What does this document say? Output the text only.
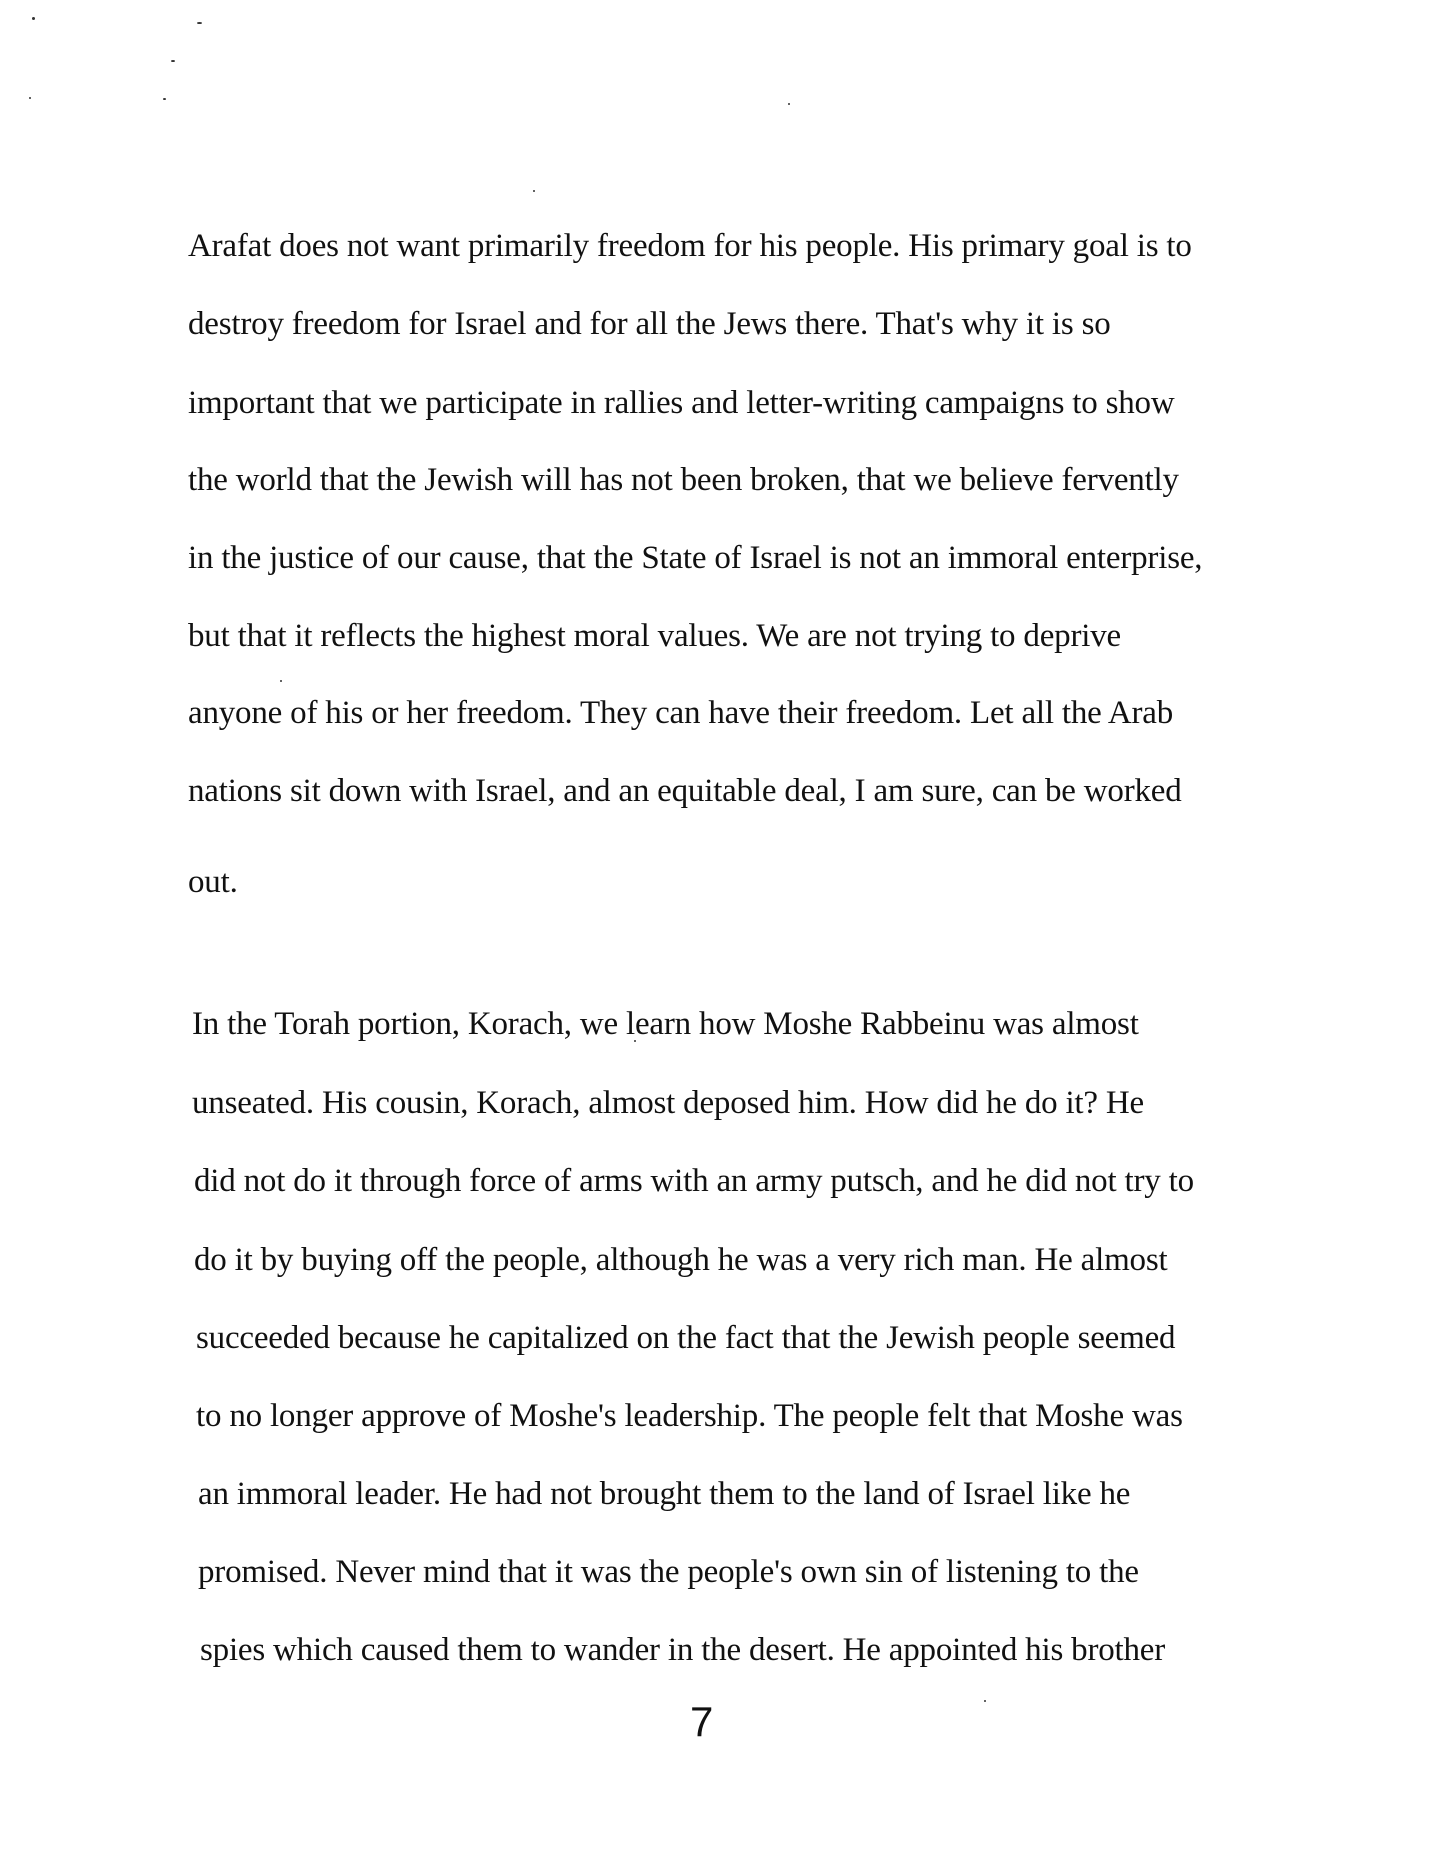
Arafat does not want primarily freedom for his people. His primary goal is to
destroy freedom for Israel and for all the Jews there. That's why it is so
important that we participate in rallies and letter-writing campaigns to show
the world that the Jewish will has not been broken, that we believe fervently
in the justice of our cause, that the State of Israel is not an immoral enterprise,
but that it reflects the highest moral values. We are not trying to deprive
anyone of his or her freedom. They can have their freedom. Let all the Arab
nations sit down with Israel, and an equitable deal, I am sure, can be worked
out.
In the Torah portion, Korach, we learn how Moshe Rabbeinu was almost
unseated. His cousin, Korach, almost deposed him. How did he do it? He
did not do it through force of arms with an army putsch, and he did not try to
do it by buying off the people, although he was a very rich man. He almost
succeeded because he capitalized on the fact that the Jewish people seemed
to no longer approve of Moshe's leadership. The people felt that Moshe was
an immoral leader. He had not brought them to the land of Israel like he
promised. Never mind that it was the people's own sin of listening to the
spies which caused them to wander in the desert. He appointed his brother
7
